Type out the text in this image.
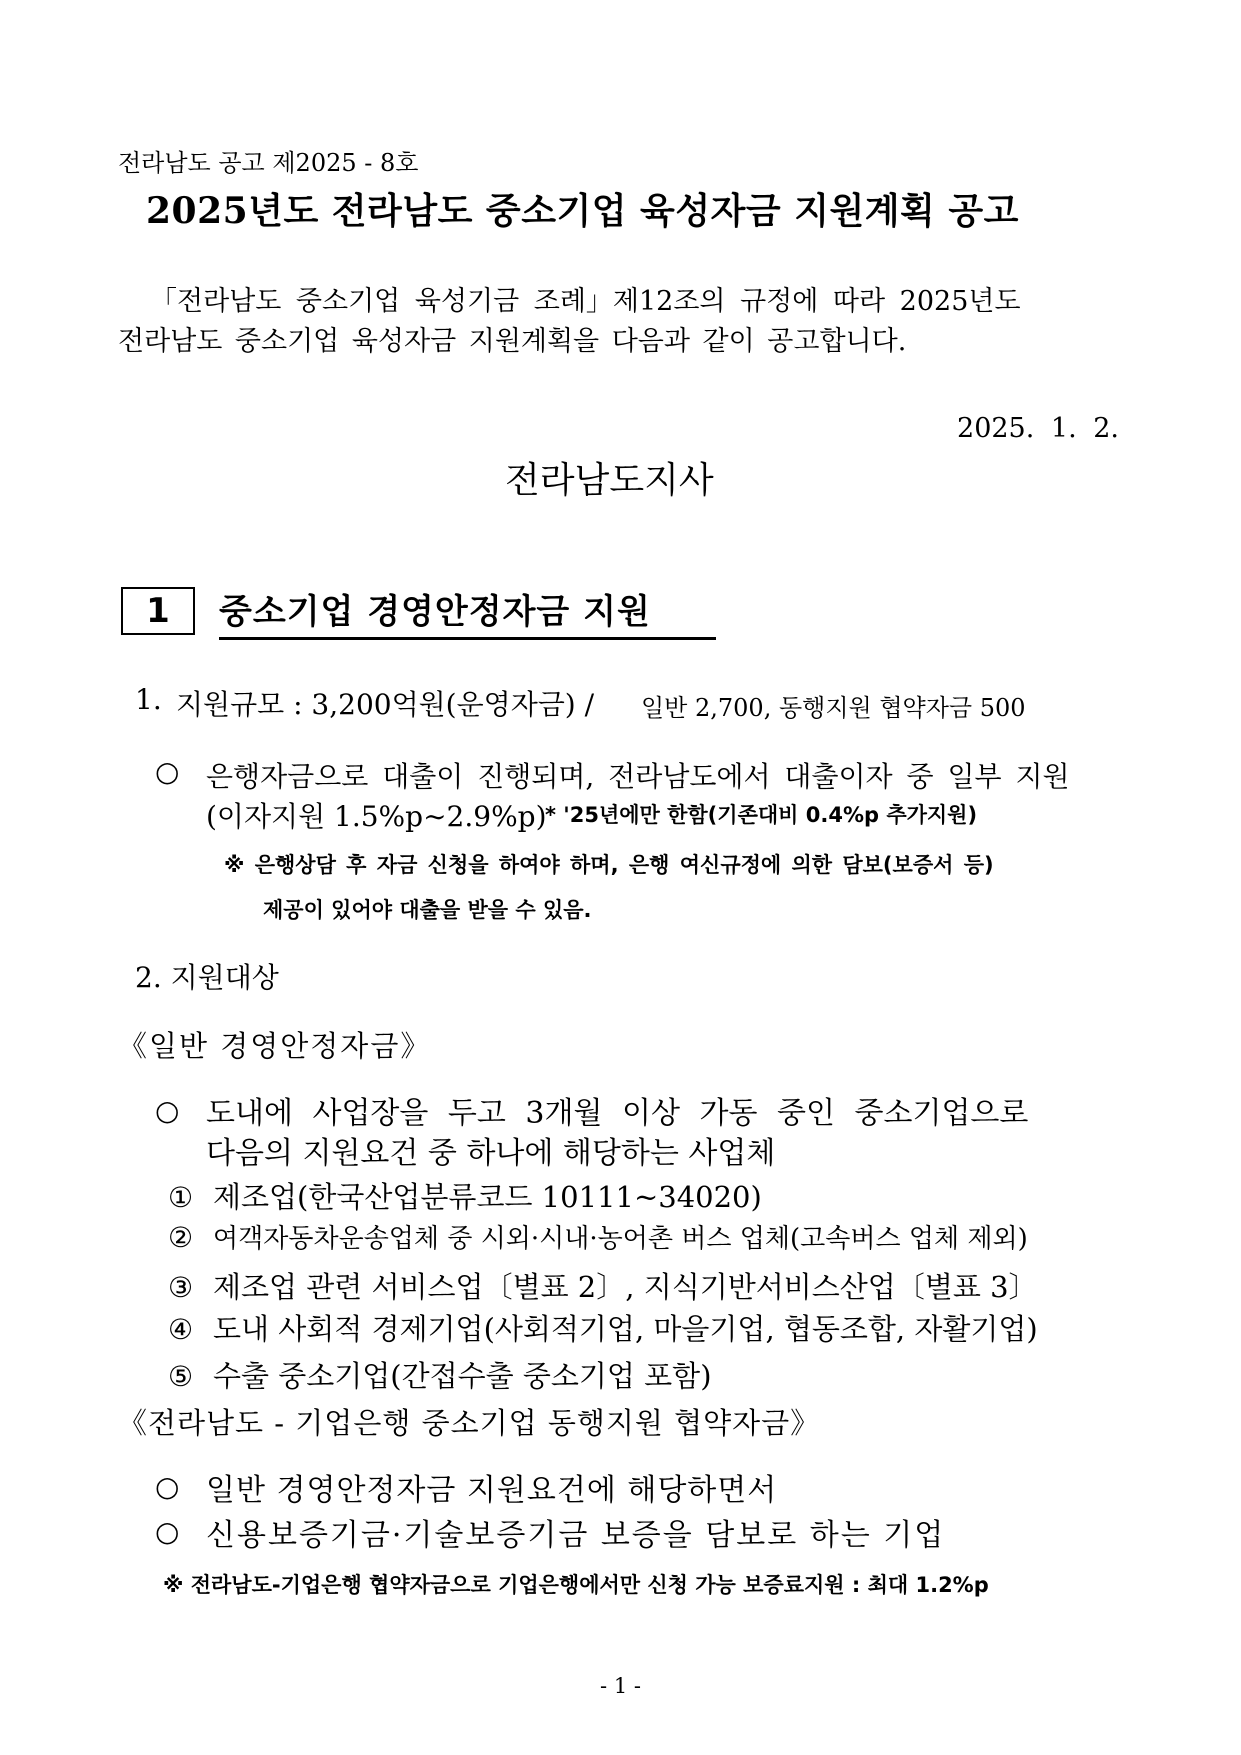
전라남도 공고 제2025 - 8호
2025년도 전라남도 중소기업 육성자금 지원계획 공고
「전라남도 중소기업 육성기금 조례」제12조의 규정에 따라 2025년도
전라남도 중소기업 육성자금 지원계획을 다음과 같이 공고합니다.
2025. 1. 2.
전라남도지사
1	중소기업 경영안정자금 지원
1. 지원규모 : 3,200억원(운영자금) / 일반 2,700, 동행지원 협약자금 500
○ 은행자금으로 대출이 진행되며, 전라남도에서 대출이자 중 일부 지원
(이자지원 1.5%p∼2.9%p)
* '25년에만 한함(기존대비 0.4%p 추가지원)
※ 은행상담 후 자금 신청을 하여야 하며, 은행 여신규정에 의한 담보(보증서 등)
제공이 있어야 대출을 받을 수 있음.
2. 지원대상
《일반 경영안정자금》
○ 도내에 사업장을 두고 3개월 이상 가동 중인 중소기업으로
다음의 지원요건 중 하나에 해당하는 사업체
① 제조업(한국산업분류코드 10111~34020)
② 여객자동차운송업체 중 시외·시내·농어촌 버스 업체(고속버스 업체 제외)
③ 제조업 관련 서비스업〔별표 2〕, 지식기반서비스산업〔별표 3〕
④ 도내 사회적 경제기업(사회적기업, 마을기업, 협동조합, 자활기업)
⑤ 수출 중소기업(간접수출 중소기업 포함)
《전라남도 - 기업은행 중소기업 동행지원 협약자금》
○ 일반 경영안정자금 지원요건에 해당하면서
○ 신용보증기금·기술보증기금 보증을 담보로 하는 기업
※ 전라남도-기업은행 협약자금으로 기업은행에서만 신청 가능 보증료지원 : 최대 1.2%p
- 1 -
